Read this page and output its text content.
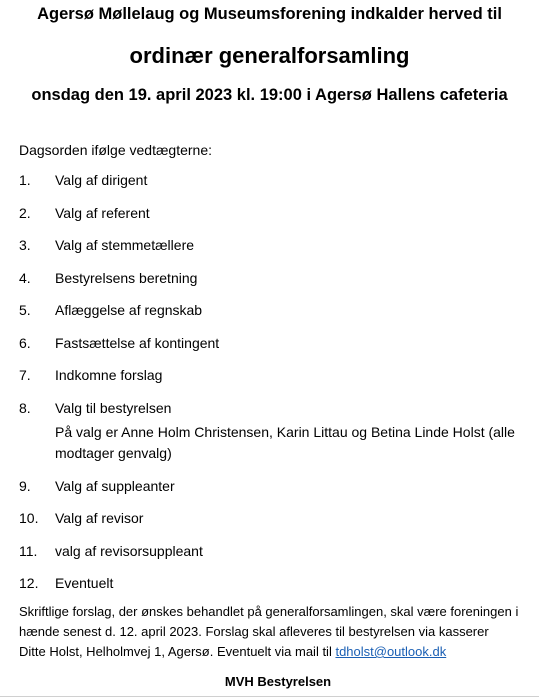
Agersø Møllelaug og Museumsforening indkalder herved til
ordinær generalforsamling
onsdag den 19. april 2023 kl. 19:00 i Agersø Hallens cafeteria
Dagsorden ifølge vedtægterne:
1. Valg af dirigent
2. Valg af referent
3. Valg af stemmetællere
4. Bestyrelsens beretning
5. Aflæggelse af regnskab
6. Fastsættelse af kontingent
7. Indkomne forslag
8. Valg til bestyrelsen
På valg er Anne Holm Christensen, Karin Littau og Betina Linde Holst (alle modtager genvalg)
9. Valg af suppleanter
10. Valg af revisor
11. valg af revisorsuppleant
12. Eventuelt
Skriftlige forslag, der ønskes behandlet på generalforsamlingen, skal være foreningen i hænde senest d. 12. april 2023. Forslag skal afleveres til bestyrelsen via kasserer Ditte Holst, Helholmvej 1, Agersø. Eventuelt via mail til tdholst@outlook.dk
MVH Bestyrelsen
